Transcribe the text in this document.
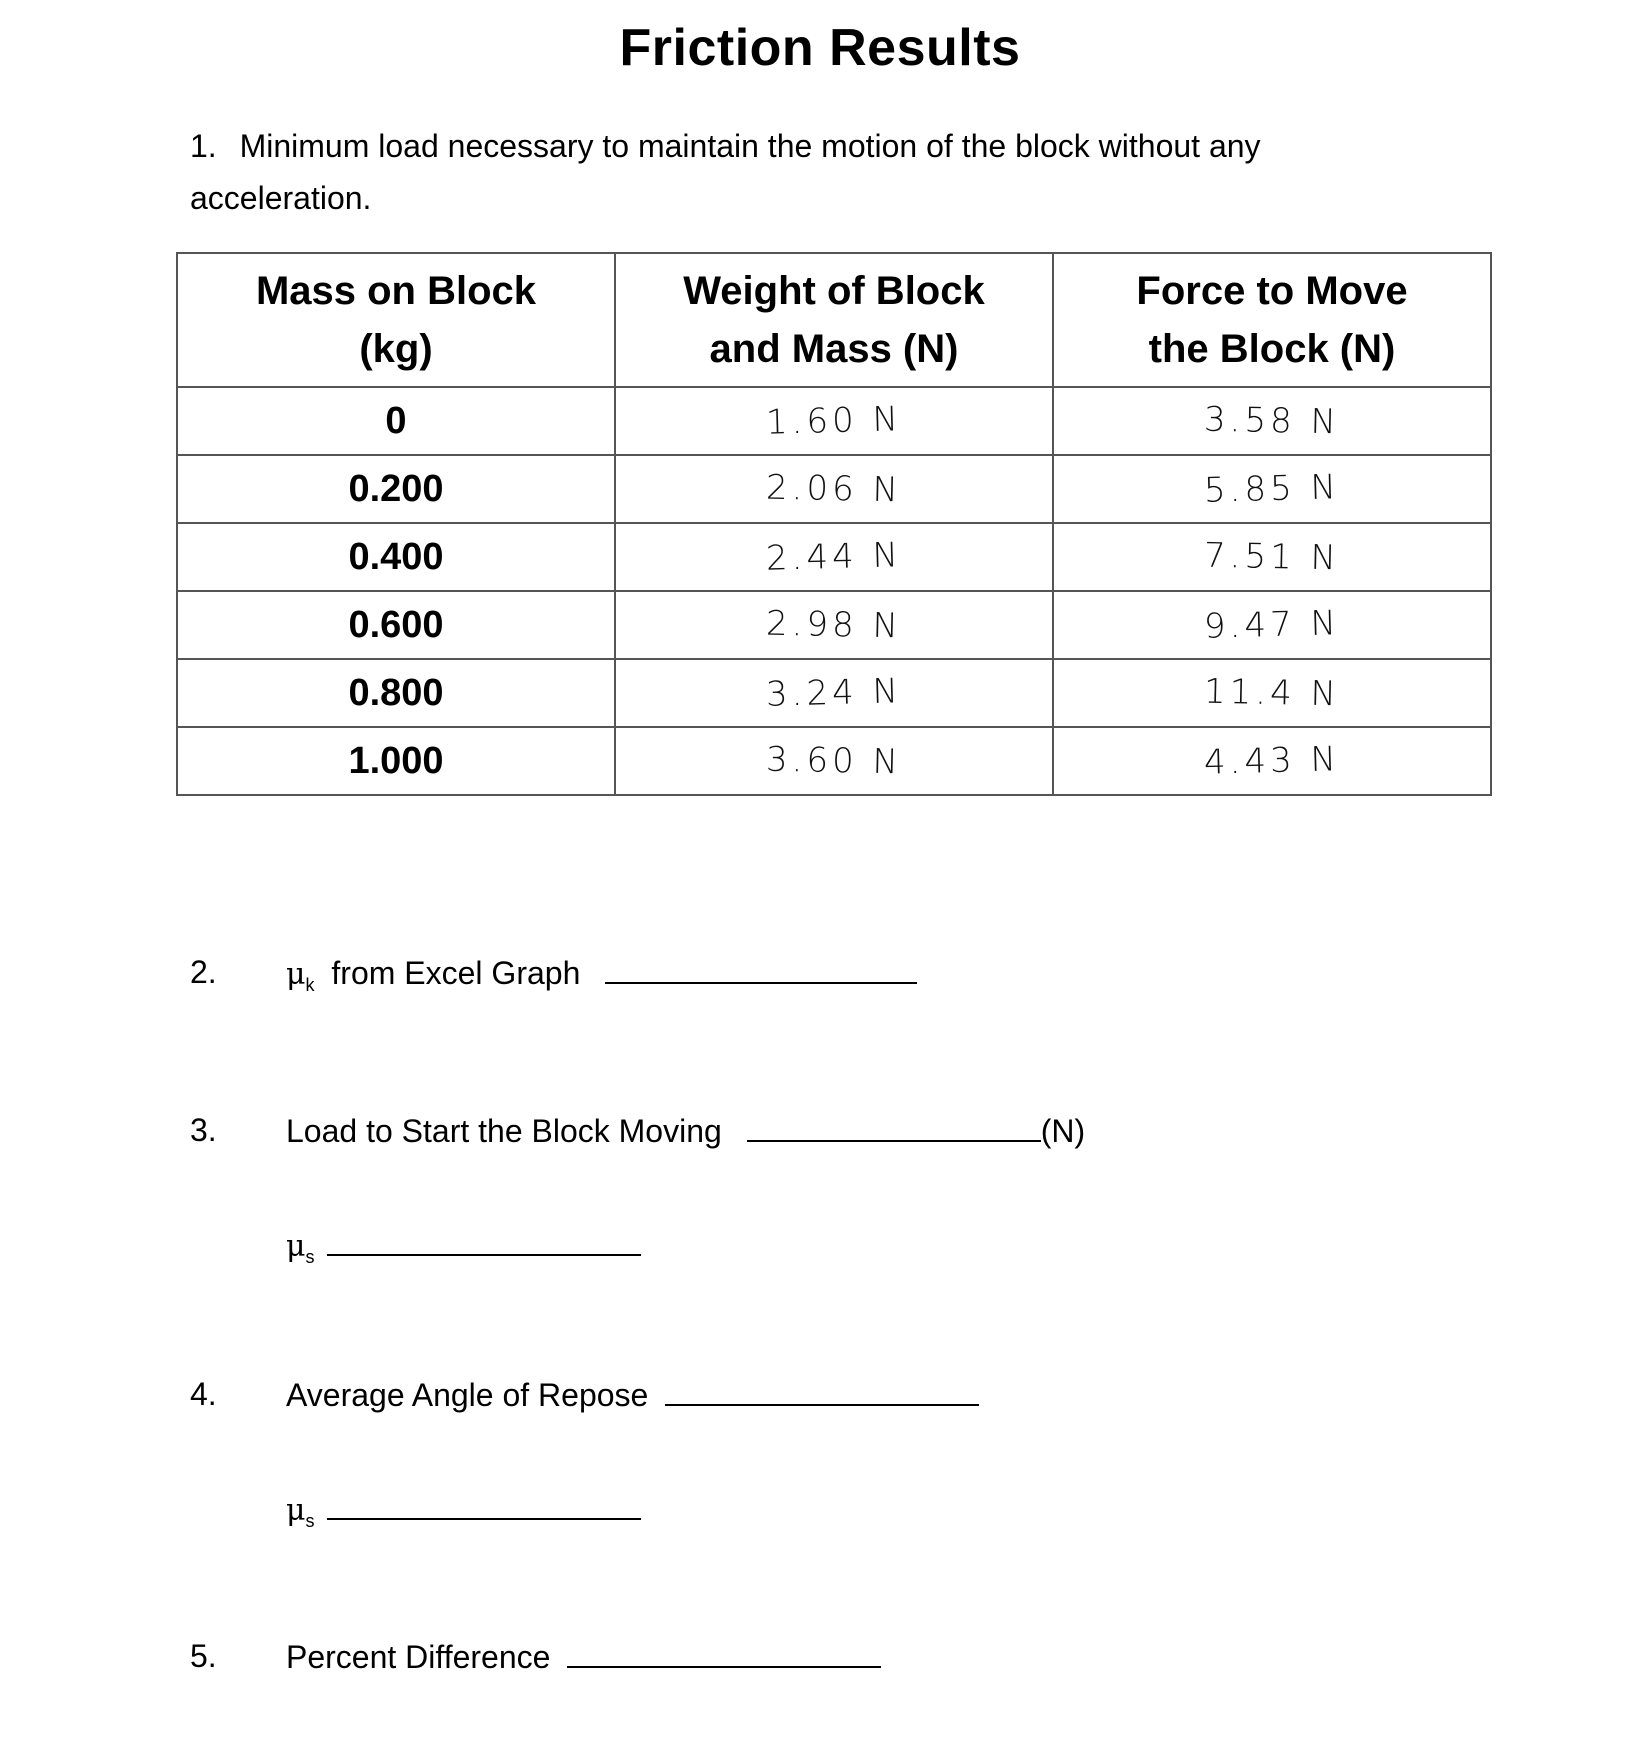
Friction Results
1. Minimum load necessary to maintain the motion of the block without any acceleration.
Mass on Block (kg)	Weight of Block and Mass (N)	Force to Move the Block (N)
0	1.60 N	3.58 N
0.200	2.06 N	5.85 N
0.400	2.44 N	7.51 N
0.600	2.98 N	9.47 N
0.800	3.24 N	11.4 N
1.000	3.60 N	4.43 N
2. $\mu_k$ from Excel Graph
3. Load to Start the Block Moving	(N)
$\mu_s$
4. Average Angle of Repose
$\mu_s$
5. Percent Difference
